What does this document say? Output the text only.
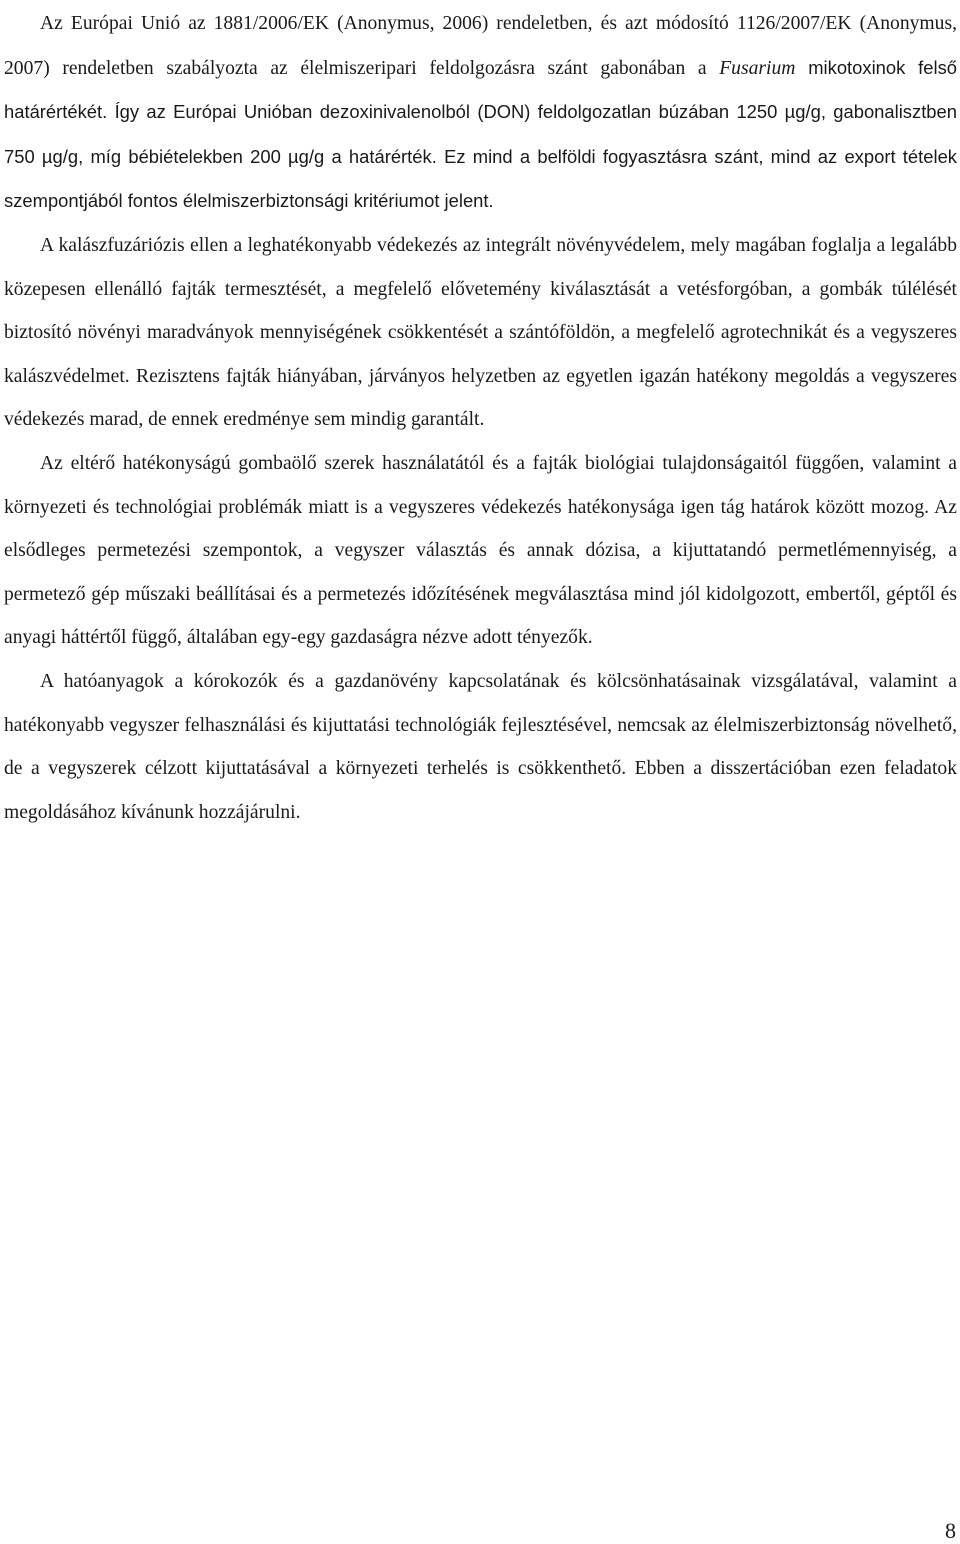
Az Európai Unió az 1881/2006/EK (Anonymus, 2006) rendeletben, és azt módosító 1126/2007/EK (Anonymus, 2007) rendeletben szabályozta az élelmiszeripari feldolgozásra szánt gabonában a Fusarium mikotoxinok felső határértékét. Így az Európai Unióban dezoxinivalenolból (DON) feldolgozatlan búzában 1250 µg/g, gabonalisztben 750 µg/g, míg bébiételekben 200 µg/g a határérték. Ez mind a belföldi fogyasztásra szánt, mind az export tételek szempontjából fontos élelmiszerbiztonsági kritériumot jelent.

A kalászfuzáriózis ellen a leghatékonyabb védekezés az integrált növényvédelem, mely magában foglalja a legalább közepesen ellenálló fajták termesztését, a megfelelő elővetemény kiválasztását a vetésforgóban, a gombák túlélését biztosító növényi maradványok mennyiségének csökkentését a szántóföldön, a megfelelő agrotechnikát és a vegyszeres kalászvédelmet. Rezisztens fajták hiányában, járványos helyzetben az egyetlen igazán hatékony megoldás a vegyszeres védekezés marad, de ennek eredménye sem mindig garantált.

Az eltérő hatékonyságú gombaölő szerek használatától és a fajták biológiai tulajdonságaitól függően, valamint a környezeti és technológiai problémák miatt is a vegyszeres védekezés hatékonysága igen tág határok között mozog. Az elsődleges permetezési szempontok, a vegyszer választás és annak dózisa, a kijuttatandó permetlémennyiség, a permetező gép műszaki beállításai és a permetezés időzítésének megválasztása mind jól kidolgozott, embertől, géptől és anyagi háttértől függő, általában egy-egy gazdaságra nézve adott tényezők.

A hatóanyagok a kórokozók és a gazdanövény kapcsolatának és kölcsönhatásainak vizsgálatával, valamint a hatékonyabb vegyszer felhasználási és kijuttatási technológiák fejlesztésével, nemcsak az élelmiszerbiztonság növelhető, de a vegyszerek célzott kijuttatásával a környezeti terhelés is csökkenthető. Ebben a disszertációban ezen feladatok megoldásához kívánunk hozzájárulni.

8
